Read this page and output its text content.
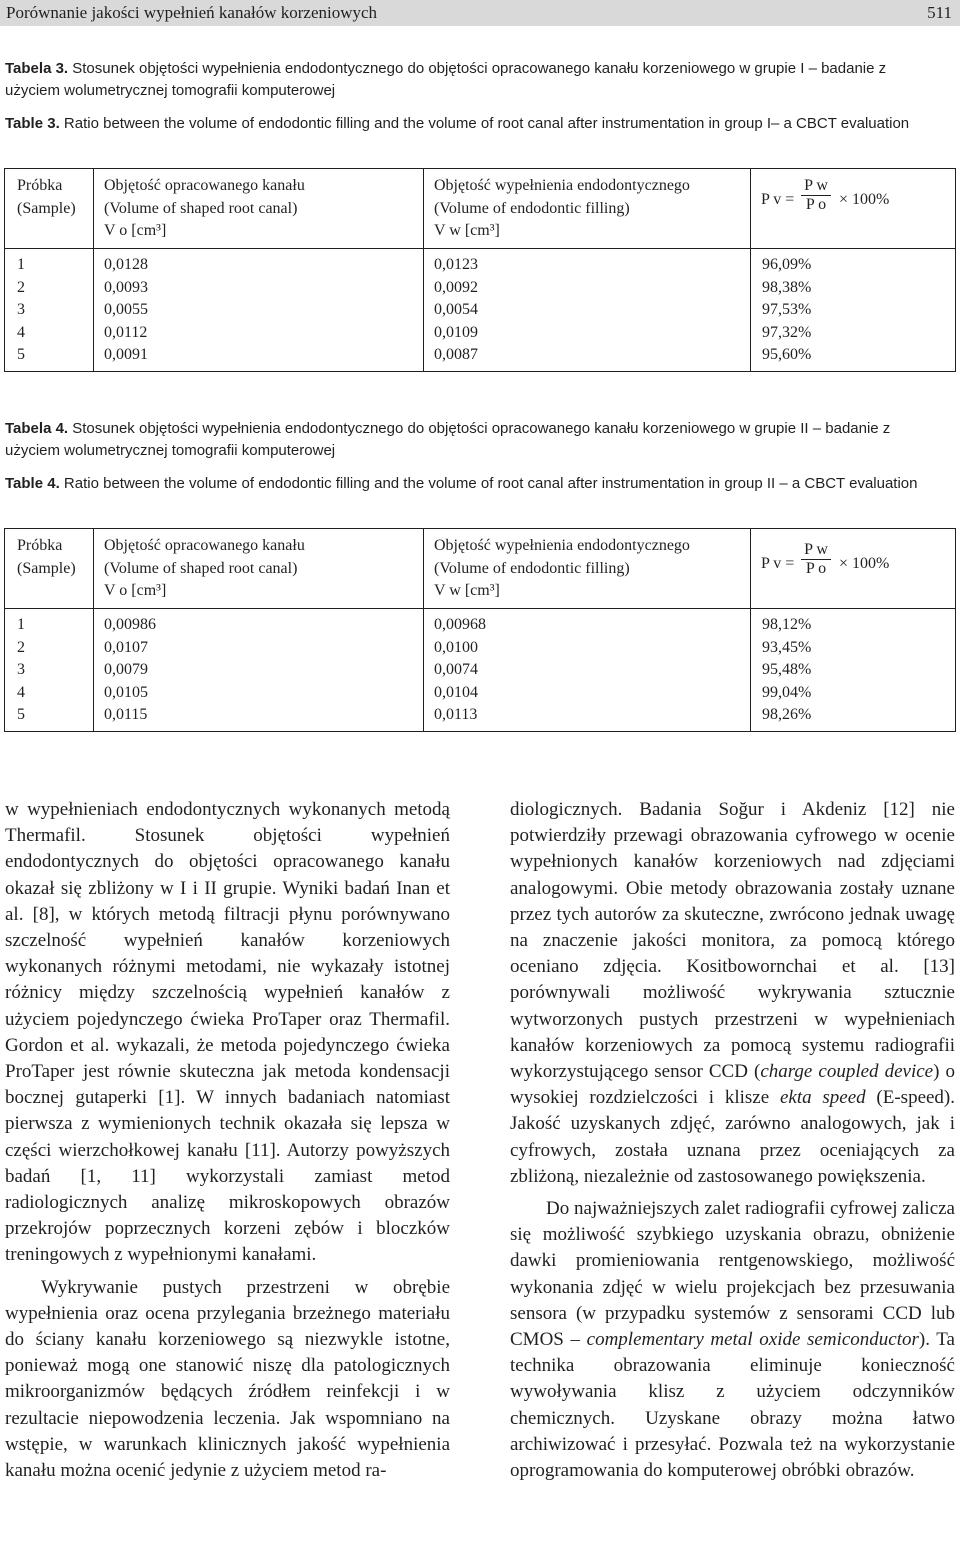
Porównanie jakości wypełnień kanałów korzeniowych	511
Tabela 3. Stosunek objętości wypełnienia endodontycznego do objętości opracowanego kanału korzeniowego w grupie I – badanie z użyciem wolumetrycznej tomografii komputerowej
Table 3. Ratio between the volume of endodontic filling and the volume of root canal after instrumentation in group I– a CBCT evaluation
Próbka
(Sample)
Objętość opracowanego kanału
(Volume of shaped root canal)
V o [cm³]
Objętość wypełnienia endodontycznego
(Volume of endodontic filling)
V w [cm³]
P v =
P w
P o × 100%
1
2
3
4
5
0,0128
0,0093
0,0055
0,0112
0,0091
0,0123
0,0092
0,0054
0,0109
0,0087
96,09%
98,38%
97,53%
97,32%
95,60%
Tabela 4. Stosunek objętości wypełnienia endodontycznego do objętości opracowanego kanału korzeniowego w grupie II – badanie z użyciem wolumetrycznej tomografii komputerowej
Table 4. Ratio between the volume of endodontic filling and the volume of root canal after instrumentation in group II – a CBCT evaluation
Próbka
(Sample)
Objętość opracowanego kanału
(Volume of shaped root canal)
V o [cm³]
Objętość wypełnienia endodontycznego
(Volume of endodontic filling)
V w [cm³]
P v =
P w
P o × 100%
1
2
3
4
5
0,00986
0,0107
0,0079
0,0105
0,0115
0,00968
0,0100
0,0074
0,0104
0,0113
98,12%
93,45%
95,48%
99,04%
98,26%

w wypełnieniach endodontycznych wykonanych metodą Thermafil. Stosunek objętości wypełnień endodontycznych do objętości opracowanego kanału okazał się zbliżony w I i II grupie. Wyniki badań Inan et al. [8], w których metodą filtracji płynu porównywano szczelność wypełnień kanałów korzeniowych wykonanych różnymi metodami, nie wykazały istotnej różnicy między szczelnością wypełnień kanałów z użyciem pojedynczego ćwieka ProTaper oraz Thermafil. Gordon et al. wykazali, że metoda pojedynczego ćwieka ProTaper jest równie skuteczna jak metoda kondensacji bocznej gutaperki [1]. W innych badaniach natomiast pierwsza z wymienionych technik okazała się lepsza w części wierzchołkowej kanału [11]. Autorzy powyższych badań [1, 11] wykorzystali zamiast metod radiologicznych analizę mikroskopowych obrazów przekrojów poprzecznych korzeni zębów i bloczków treningowych z wypełnionymi kanałami.

Wykrywanie pustych przestrzeni w obrębie wypełnienia oraz ocena przylegania brzeżnego materiału do ściany kanału korzeniowego są niezwykle istotne, ponieważ mogą one stanowić niszę dla patologicznych mikroorganizmów będących źródłem reinfekcji i w rezultacie niepowodzenia leczenia. Jak wspomniano na wstępie, w warunkach klinicznych jakość wypełnienia kanału można ocenić jedynie z użyciem metod ra-

diologicznych. Badania Soğur i Akdeniz [12] nie potwierdziły przewagi obrazowania cyfrowego w ocenie wypełnionych kanałów korzeniowych nad zdjęciami analogowymi. Obie metody obrazowania zostały uznane przez tych autorów za skuteczne, zwrócono jednak uwagę na znaczenie jakości monitora, za pomocą którego oceniano zdjęcia. Kositbowornchai et al. [13] porównywali możliwość wykrywania sztucznie wytworzonych pustych przestrzeni w wypełnieniach kanałów korzeniowych za pomocą systemu radiografii wykorzystującego sensor CCD (charge coupled device) o wysokiej rozdzielczości i klisze ekta speed (E-speed). Jakość uzyskanych zdjęć, zarówno analogowych, jak i cyfrowych, została uznana przez oceniających za zbliżoną, niezależnie od zastosowanego powiększenia.

Do najważniejszych zalet radiografii cyfrowej zalicza się możliwość szybkiego uzyskania obrazu, obniżenie dawki promieniowania rentgenowskiego, możliwość wykonania zdjęć w wielu projekcjach bez przesuwania sensora (w przypadku systemów z sensorami CCD lub CMOS – complementary metal oxide semiconductor). Ta technika obrazowania eliminuje konieczność wywoływania klisz z użyciem odczynników chemicznych. Uzyskane obrazy można łatwo archiwizować i przesyłać. Pozwala też na wykorzystanie oprogramowania do komputerowej obróbki obrazów.
